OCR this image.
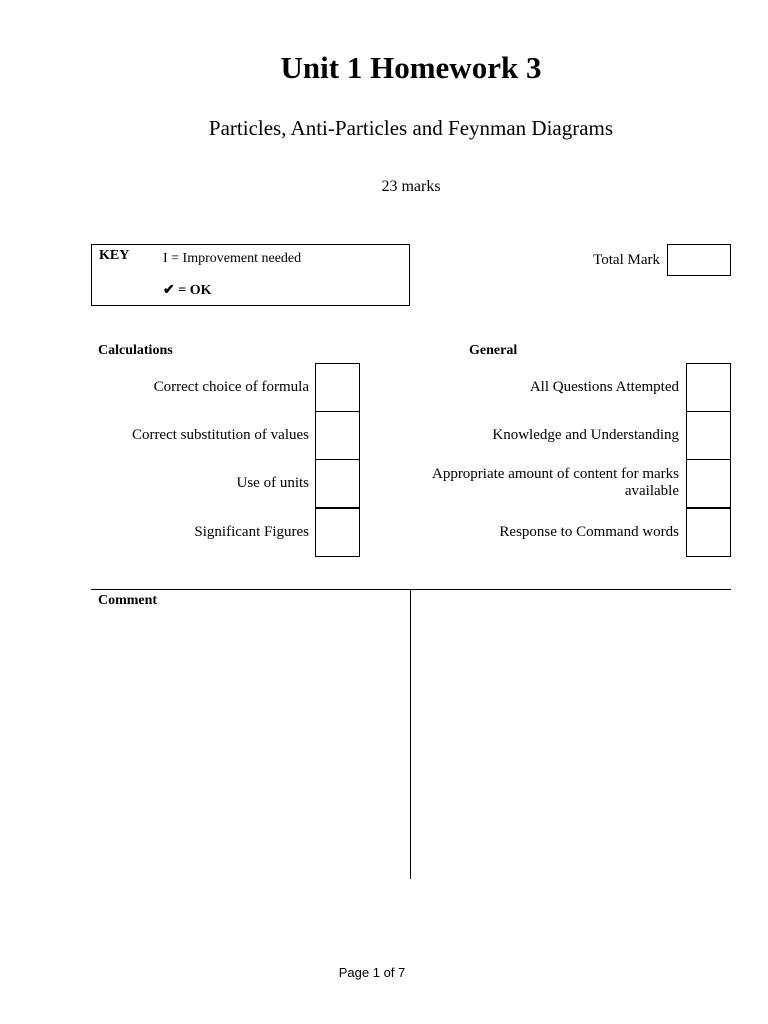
Unit 1 Homework 3
Particles, Anti-Particles and Feynman Diagrams
23 marks
KEY I = Improvement needed
✔ = OK
Total Mark
Calculations	General
Correct choice of formula
Correct substitution of values
Use of units
Significant Figures
All Questions Attempted
Knowledge and Understanding
Appropriate amount of content for marks available
Response to Command words
Comment
Page 1 of 7
